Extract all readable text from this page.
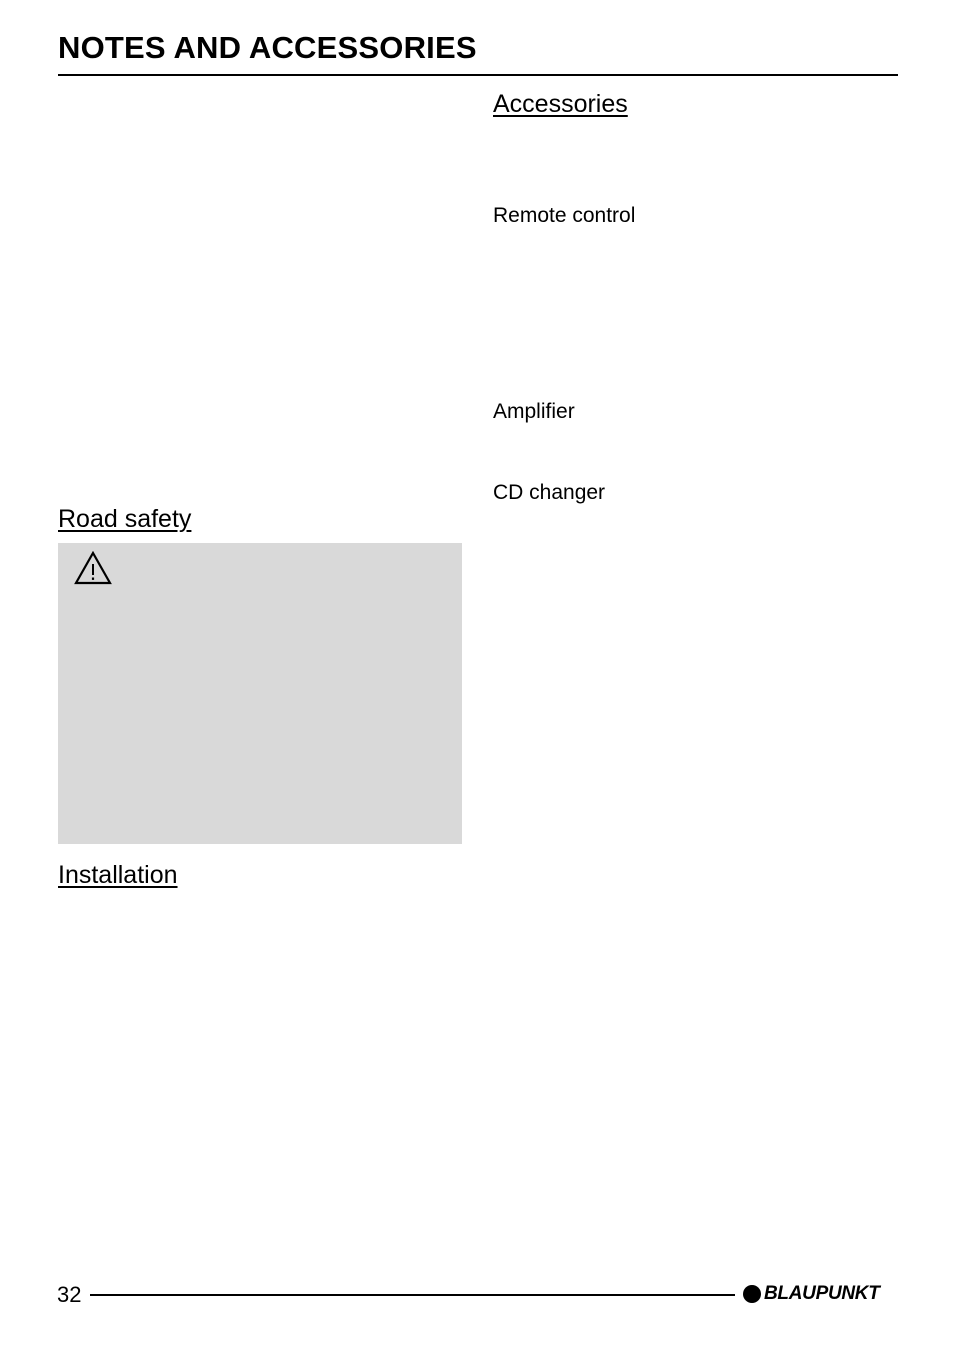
NOTES AND ACCESSORIES
Accessories
Remote control
Amplifier
CD changer
Road safety
Installation
32	BLAUPUNKT
